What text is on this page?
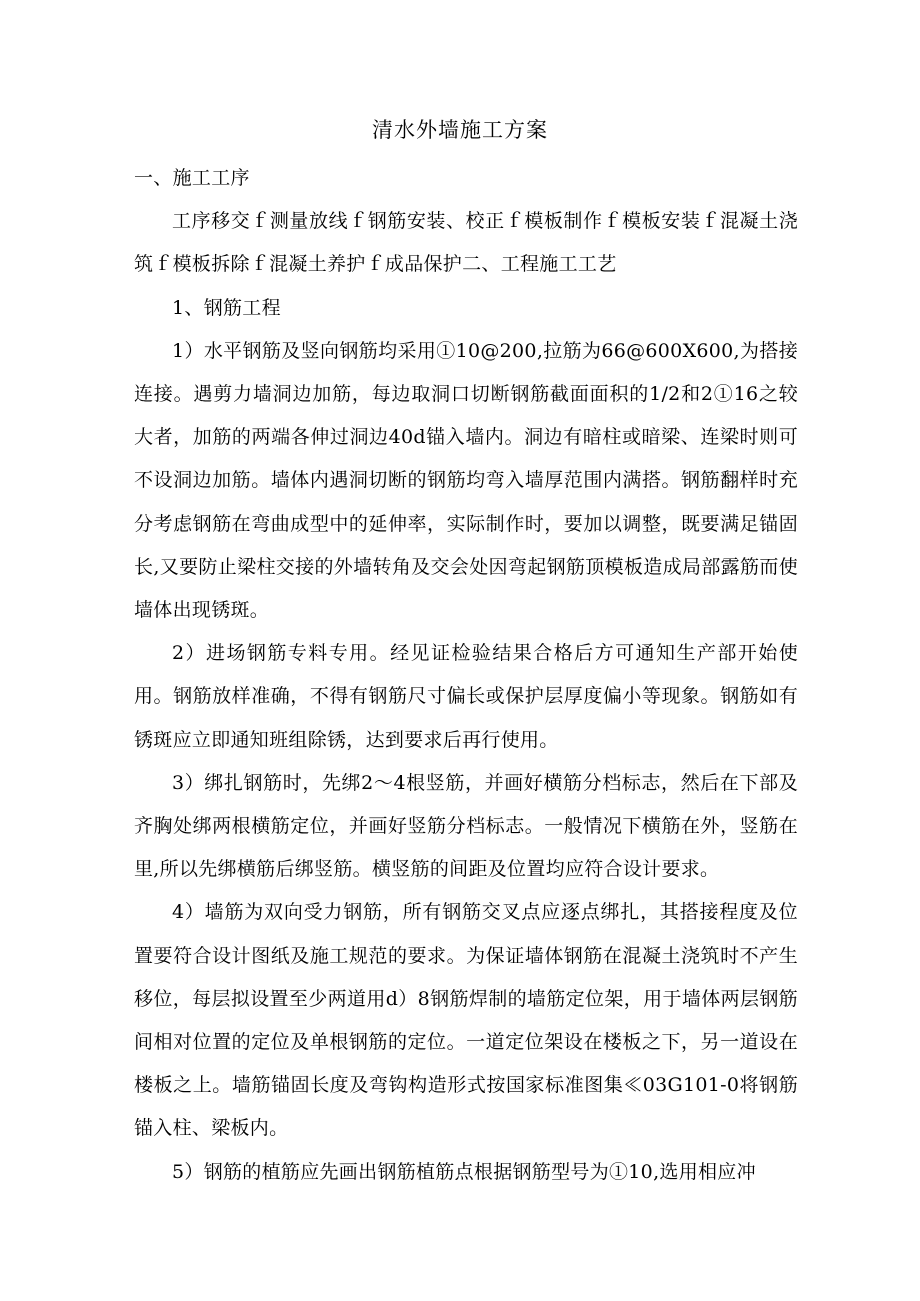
清水外墙施工方案

一、施工工序

工序移交ｆ测量放线ｆ钢筋安装、校正ｆ模板制作ｆ模板安装ｆ混凝土浇筑ｆ模板拆除ｆ混凝土养护ｆ成品保护二、工程施工工艺

1、钢筋工程

1）水平钢筋及竖向钢筋均采用①10@200,拉筋为66@600X600,为搭接连接。遇剪力墙洞边加筋，每边取洞口切断钢筋截面面积的1/2和2①16之较大者，加筋的两端各伸过洞边40d锚入墙内。洞边有暗柱或暗梁、连梁时则可不设洞边加筋。墙体内遇洞切断的钢筋均弯入墙厚范围内满搭。钢筋翻样时充分考虑钢筋在弯曲成型中的延伸率，实际制作时，要加以调整，既要满足锚固长,又要防止梁柱交接的外墙转角及交会处因弯起钢筋顶模板造成局部露筋而使墙体出现锈斑。

2）进场钢筋专料专用。经见证检验结果合格后方可通知生产部开始使用。钢筋放样准确，不得有钢筋尺寸偏长或保护层厚度偏小等现象。钢筋如有锈斑应立即通知班组除锈，达到要求后再行使用。

3）绑扎钢筋时，先绑2～4根竖筋，并画好横筋分档标志，然后在下部及齐胸处绑两根横筋定位，并画好竖筋分档标志。一般情况下横筋在外，竖筋在里,所以先绑横筋后绑竖筋。横竖筋的间距及位置均应符合设计要求。

4）墙筋为双向受力钢筋，所有钢筋交叉点应逐点绑扎，其搭接程度及位置要符合设计图纸及施工规范的要求。为保证墙体钢筋在混凝土浇筑时不产生移位，每层拟设置至少两道用d）8钢筋焊制的墙筋定位架，用于墙体两层钢筋间相对位置的定位及单根钢筋的定位。一道定位架设在楼板之下，另一道设在楼板之上。墙筋锚固长度及弯钩构造形式按国家标准图集≪03G101-0将钢筋锚入柱、梁板内。

5）钢筋的植筋应先画出钢筋植筋点根据钢筋型号为①10,选用相应冲
